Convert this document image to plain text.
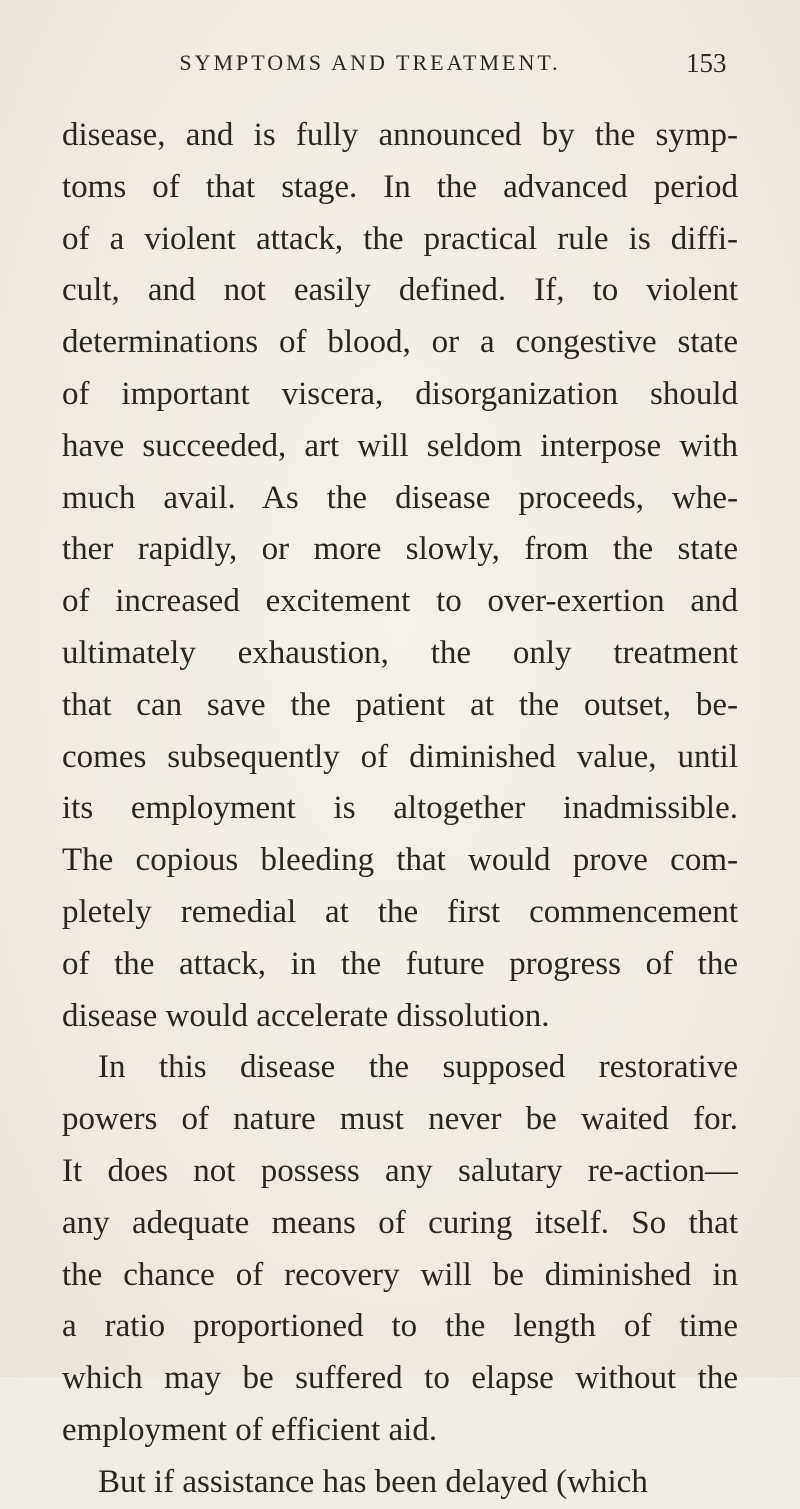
SYMPTOMS AND TREATMENT.	153
disease, and is fully announced by the symp-
toms of that stage. In the advanced period
of a violent attack, the practical rule is diffi-
cult, and not easily defined. If, to violent
determinations of blood, or a congestive state
of important viscera, disorganization should
have succeeded, art will seldom interpose with
much avail. As the disease proceeds, whe-
ther rapidly, or more slowly, from the state
of increased excitement to over-exertion and
ultimately exhaustion, the only treatment
that can save the patient at the outset, be-
comes subsequently of diminished value, until
its employment is altogether inadmissible.
The copious bleeding that would prove com-
pletely remedial at the first commencement
of the attack, in the future progress of the
disease would accelerate dissolution.
In this disease the supposed restorative
powers of nature must never be waited for.
It does not possess any salutary re-action—
any adequate means of curing itself. So that
the chance of recovery will be diminished in
a ratio proportioned to the length of time
which may be suffered to elapse without the
employment of efficient aid.
But if assistance has been delayed (which
